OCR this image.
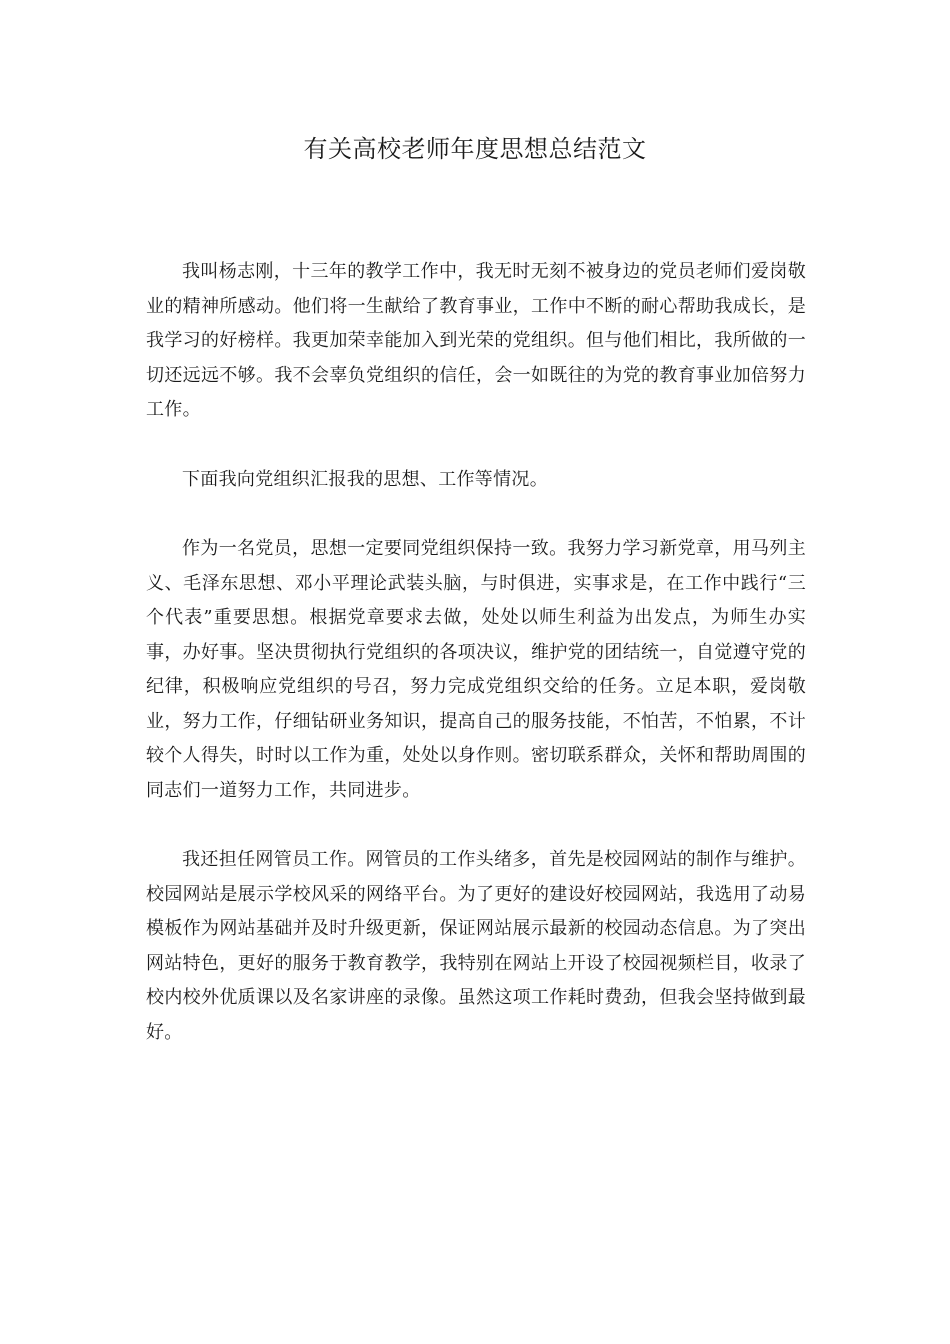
有关高校老师年度思想总结范文

我叫杨志刚，十三年的教学工作中，我无时无刻不被身边的党员老师们爱岗敬业的精神所感动。他们将一生献给了教育事业，工作中不断的耐心帮助我成长，是我学习的好榜样。我更加荣幸能加入到光荣的党组织。但与他们相比，我所做的一切还远远不够。我不会辜负党组织的信任，会一如既往的为党的教育事业加倍努力工作。

下面我向党组织汇报我的思想、工作等情况。

作为一名党员，思想一定要同党组织保持一致。我努力学习新党章，用马列主义、毛泽东思想、邓小平理论武装头脑，与时俱进，实事求是，在工作中践行“三个代表”重要思想。根据党章要求去做，处处以师生利益为出发点，为师生办实事，办好事。坚决贯彻执行党组织的各项决议，维护党的团结统一，自觉遵守党的纪律，积极响应党组织的号召，努力完成党组织交给的任务。立足本职，爱岗敬业，努力工作，仔细钻研业务知识，提高自己的服务技能，不怕苦，不怕累，不计较个人得失，时时以工作为重，处处以身作则。密切联系群众，关怀和帮助周围的同志们一道努力工作，共同进步。

我还担任网管员工作。网管员的工作头绪多，首先是校园网站的制作与维护。校园网站是展示学校风采的网络平台。为了更好的建设好校园网站，我选用了动易模板作为网站基础并及时升级更新，保证网站展示最新的校园动态信息。为了突出网站特色，更好的服务于教育教学，我特别在网站上开设了校园视频栏目，收录了校内校外优质课以及名家讲座的录像。虽然这项工作耗时费劲，但我会坚持做到最好。
